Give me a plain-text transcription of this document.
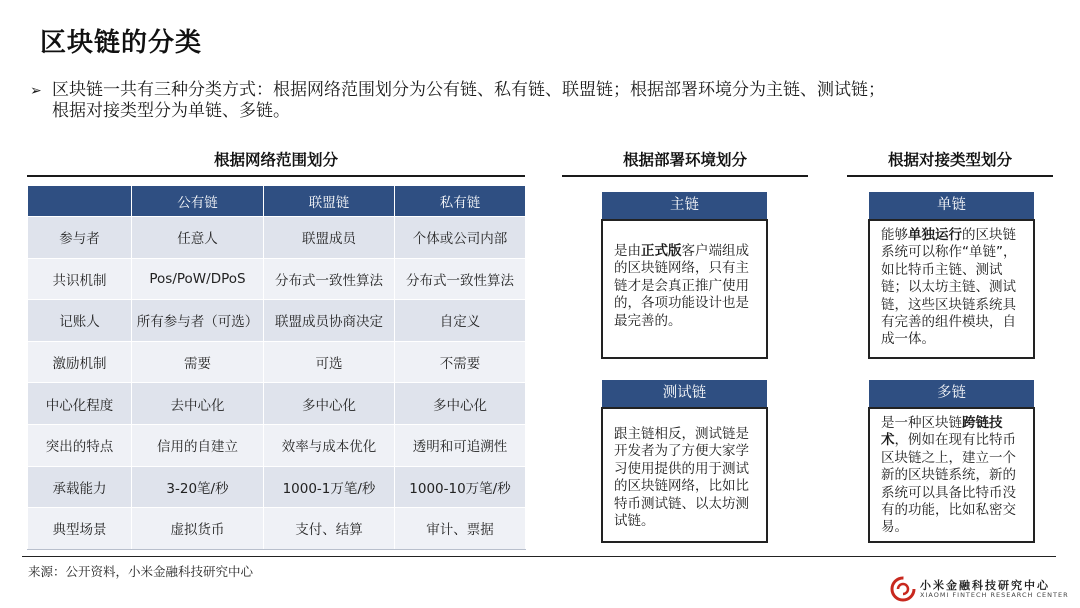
区块链的分类
➢ 区块链一共有三种分类方式：根据网络范围划分为公有链、私有链、联盟链；根据部署环境分为主链、测试链；
根据对接类型分为单链、多链。
根据网络范围划分
	公有链	联盟链	私有链
参与者	任意人	联盟成员	个体或公司内部
共识机制	Pos/PoW/DPoS	分布式一致性算法	分布式一致性算法
记账人	所有参与者（可选）	联盟成员协商决定	自定义
激励机制	需要	可选	不需要
中心化程度	去中心化	多中心化	多中心化
突出的特点	信用的自建立	效率与成本优化	透明和可追溯性
承载能力	3-20笔/秒	1000-1万笔/秒	1000-10万笔/秒
典型场景	虚拟货币	支付、结算	审计、票据
根据部署环境划分
主链

是由正式版客户端组成的区块链网络，只有主链才是会真正推广使用的，各项功能设计也是最完善的。

测试链

跟主链相反，测试链是开发者为了方便大家学习使用提供的用于测试的区块链网络，比如比特币测试链、以太坊测试链。

根据对接类型划分
单链

能够单独运行的区块链系统可以称作“单链”，如比特币主链、测试链；以太坊主链、测试链，这些区块链系统具有完善的组件模块，自成一体。

多链

是一种区块链跨链技术，例如在现有比特币区块链之上，建立一个新的区块链系统，新的系统可以具备比特币没有的功能，比如私密交易。

来源：公开资料，小米金融科技研究中心
小米金融科技研究中心
XIAOMI FINTECH RESEARCH CENTER
